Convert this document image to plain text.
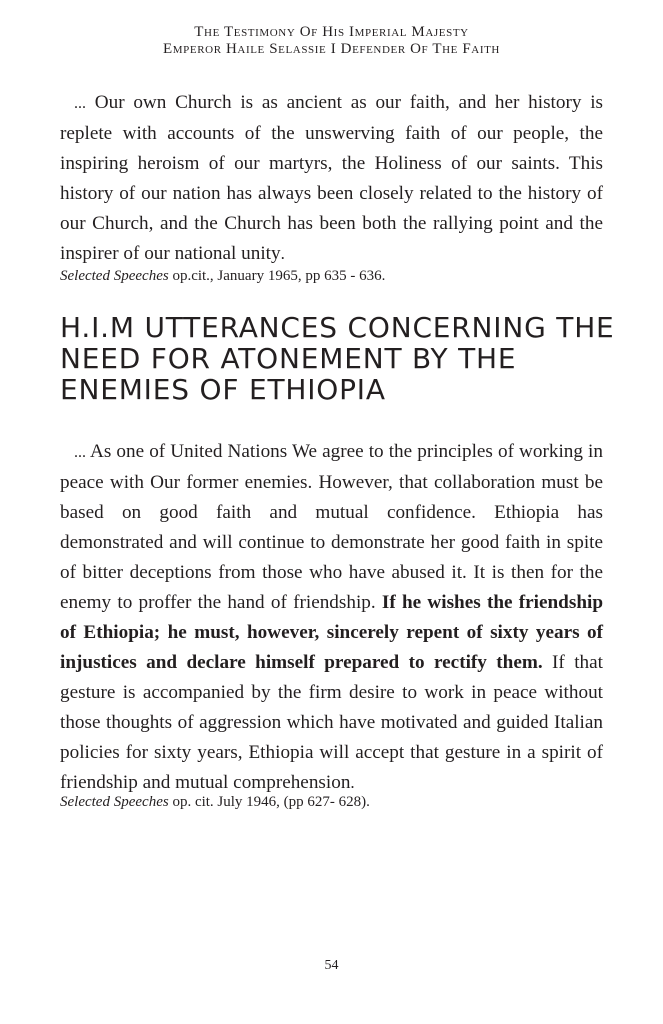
The Testimony Of His Imperial Majesty
Emperor Haile Selassie I Defender Of The Faith

... Our own Church is as ancient as our faith, and her history is replete with accounts of the unswerving faith of our people, the inspiring heroism of our martyrs, the Holiness of our saints. This history of our nation has always been closely related to the history of our Church, and the Church has been both the rallying point and the inspirer of our national unity.

Selected Speeches op.cit., January 1965, pp 635 - 636.

H.I.M UTTERANCES CONCERNING THE NEED FOR ATONEMENT BY THE ENEMIES OF ETHIOPIA

... As one of United Nations We agree to the principles of working in peace with Our former enemies. However, that collaboration must be based on good faith and mutual confidence. Ethiopia has demonstrated and will continue to demonstrate her good faith in spite of bitter deceptions from those who have abused it. It is then for the enemy to proffer the hand of friendship. If he wishes the friendship of Ethiopia; he must, however, sincerely repent of sixty years of injustices and declare himself prepared to rectify them. If that gesture is accompanied by the firm desire to work in peace without those thoughts of aggression which have motivated and guided Italian policies for sixty years, Ethiopia will accept that gesture in a spirit of friendship and mutual comprehension.

Selected Speeches op. cit. July 1946, (pp 627- 628).

54
